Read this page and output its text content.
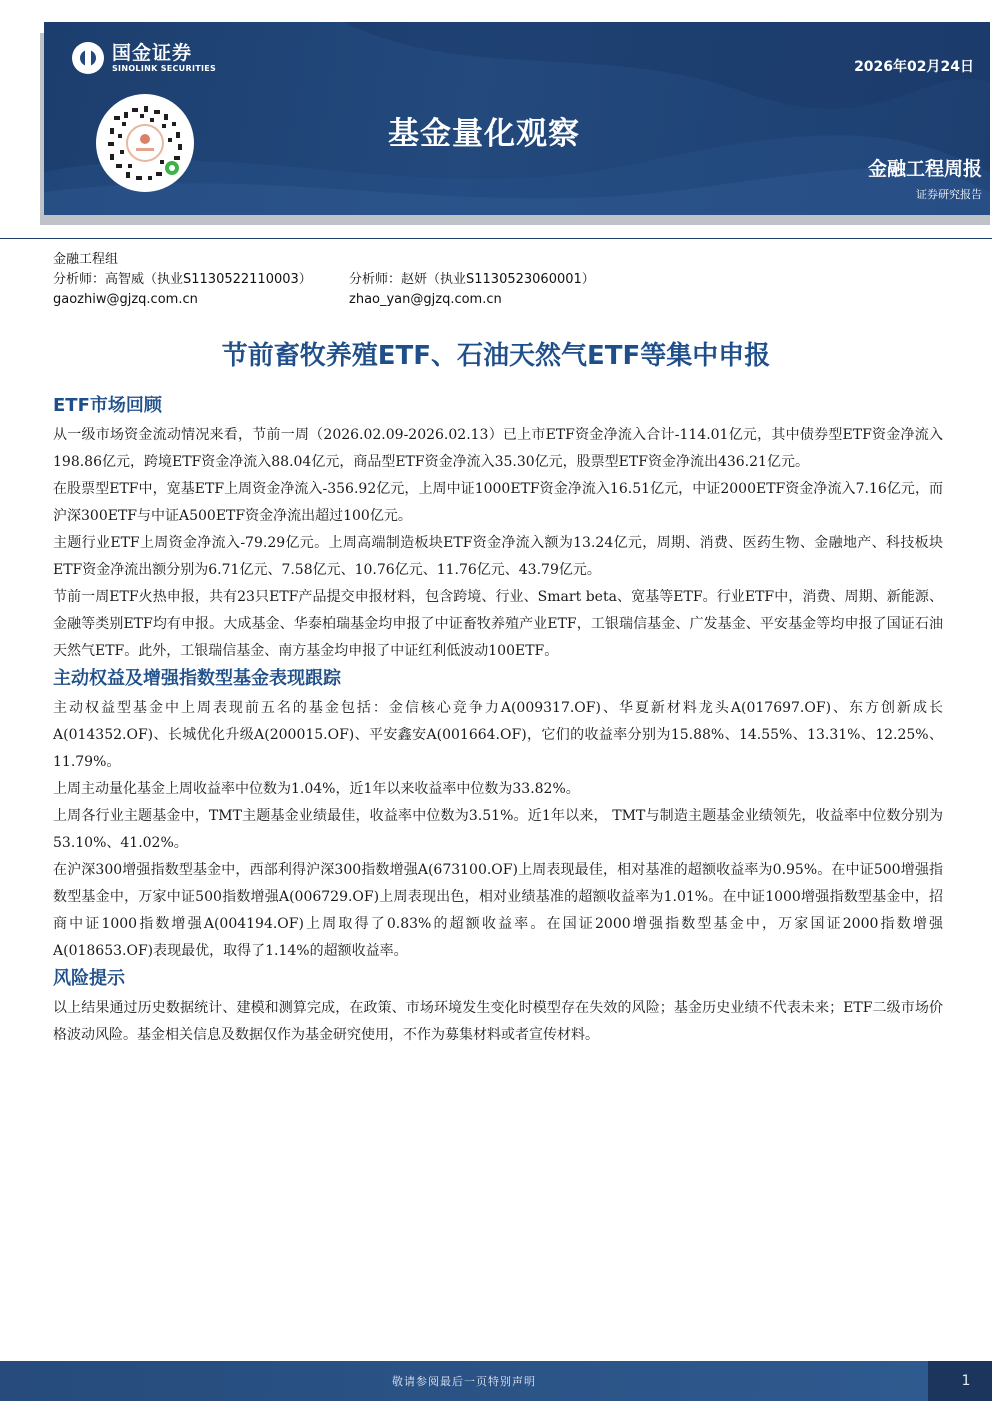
国金证券
SINOLINK SECURITIES	2026年02月24日
基金量化观察
金融工程周报
证券研究报告
金融工程组
分析师：高智威（执业S1130522110003）	分析师：赵妍（执业S1130523060001）
gaozhiw@gjzq.com.cn	zhao_yan@gjzq.com.cn
节前畜牧养殖ETF、石油天然气ETF等集中申报
ETF市场回顾

从一级市场资金流动情况来看，节前一周（2026.02.09-2026.02.13）已上市ETF资金净流入合计-114.01亿元，其中债券型ETF资金净流入198.86亿元，跨境ETF资金净流入88.04亿元，商品型ETF资金净流入35.30亿元，股票型ETF资金净流出436.21亿元。

在股票型ETF中，宽基ETF上周资金净流入-356.92亿元，上周中证1000ETF资金净流入16.51亿元，中证2000ETF资金净流入7.16亿元，而沪深300ETF与中证A500ETF资金净流出超过100亿元。

主题行业ETF上周资金净流入-79.29亿元。上周高端制造板块ETF资金净流入额为13.24亿元，周期、消费、医药生物、金融地产、科技板块ETF资金净流出额分别为6.71亿元、7.58亿元、10.76亿元、11.76亿元、43.79亿元。

节前一周ETF火热申报，共有23只ETF产品提交申报材料，包含跨境、行业、Smart beta、宽基等ETF。行业ETF中，消费、周期、新能源、金融等类别ETF均有申报。大成基金、华泰柏瑞基金均申报了中证畜牧养殖产业ETF，工银瑞信基金、广发基金、平安基金等均申报了国证石油天然气ETF。此外，工银瑞信基金、南方基金均申报了中证红利低波动100ETF。

主动权益及增强指数型基金表现跟踪

主动权益型基金中上周表现前五名的基金包括：金信核心竞争力A(009317.OF)、华夏新材料龙头A(017697.OF)、东方创新成长A(014352.OF)、长城优化升级A(200015.OF)、平安鑫安A(001664.OF)，它们的收益率分别为15.88%、14.55%、13.31%、12.25%、11.79%。

上周主动量化基金上周收益率中位数为1.04%，近1年以来收益率中位数为33.82%。

上周各行业主题基金中，TMT主题基金业绩最佳，收益率中位数为3.51%。近1年以来， TMT与制造主题基金业绩领先，收益率中位数分别为53.10%、41.02%。

在沪深300增强指数型基金中，西部利得沪深300指数增强A(673100.OF)上周表现最佳，相对基准的超额收益率为0.95%。在中证500增强指数型基金中，万家中证500指数增强A(006729.OF)上周表现出色，相对业绩基准的超额收益率为1.01%。在中证1000增强指数型基金中，招商中证1000指数增强A(004194.OF)上周取得了0.83%的超额收益率。在国证2000增强指数型基金中，万家国证2000指数增强A(018653.OF)表现最优，取得了1.14%的超额收益率。

风险提示

以上结果通过历史数据统计、建模和测算完成，在政策、市场环境发生变化时模型存在失效的风险；基金历史业绩不代表未来；ETF二级市场价格波动风险。基金相关信息及数据仅作为基金研究使用，不作为募集材料或者宣传材料。

敬请参阅最后一页特别声明	1
